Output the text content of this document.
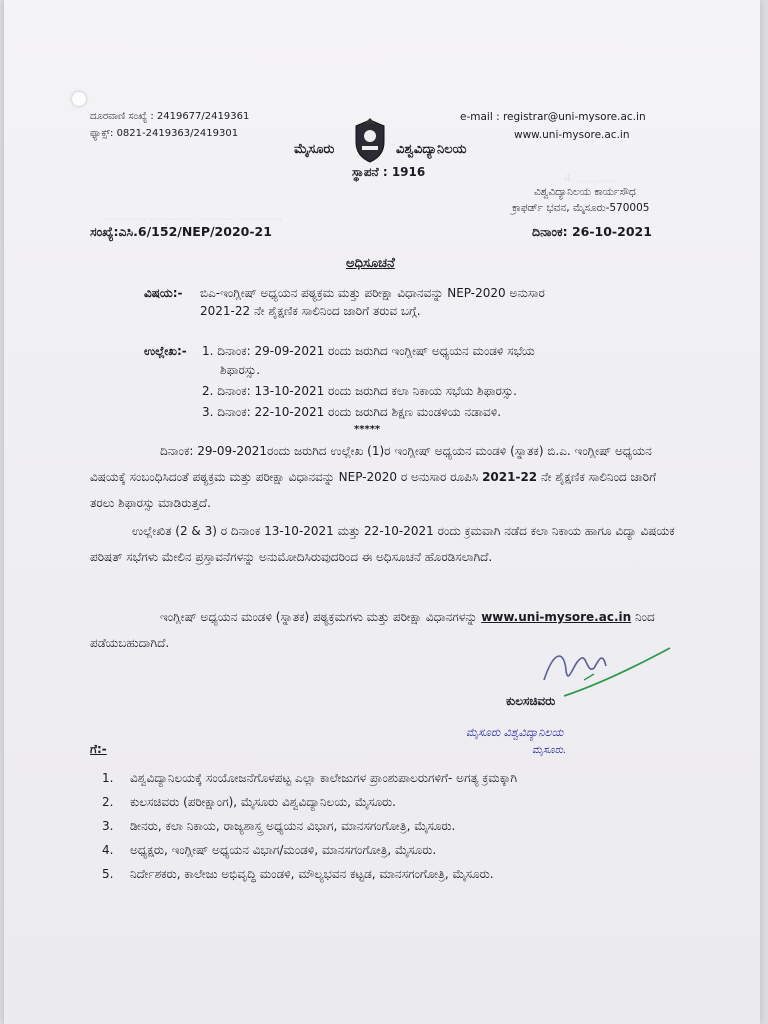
4. ............
............ ............ ............ ............
ದೂರವಾಣಿ ಸಂಖ್ಯೆ : 2419677/2419361
ಫ್ಯಾಕ್ಸ್: 0821-2419363/2419301
e-mail : registrar@uni-mysore.ac.in
www.uni-mysore.ac.in
ಮೈಸೂರು	ವಿಶ್ವವಿದ್ಯಾನಿಲಯ
ಸ್ಥಾಪನೆ : 1916
ವಿಶ್ವವಿದ್ಯಾನಿಲಯ ಕಾರ್ಯಸೌಧ
ಕ್ರಾಫರ್ಡ್ ಭವನ, ಮೈಸೂರು-570005
ಸಂಖ್ಯೆ:ಎಸಿ.6/152/NEP/2020-21	ದಿನಾಂಕ: 26-10-2021
ಅಧಿಸೂಚನೆ
ವಿಷಯ:- ಬಿಎ-ಇಂಗ್ಲೀಷ್ ಅಧ್ಯಯನ ಪಠ್ಯಕ್ರಮ ಮತ್ತು ಪರೀಕ್ಷಾ ವಿಧಾನವನ್ನು NEP-2020 ಅನುಸಾರ
2021-22 ನೇ ಶೈಕ್ಷಣಿಕ ಸಾಲಿನಿಂದ ಜಾರಿಗೆ ತರುವ ಬಗ್ಗೆ.
ಉಲ್ಲೇಖ:- 1. ದಿನಾಂಕ: 29-09-2021 ರಂದು ಜರುಗಿದ ಇಂಗ್ಲೀಷ್ ಅಧ್ಯಯನ ಮಂಡಳಿ ಸಭೆಯ
ಶಿಫಾರಸ್ಸು.
2. ದಿನಾಂಕ: 13-10-2021 ರಂದು ಜರುಗಿದ ಕಲಾ ನಿಕಾಯ ಸಭೆಯ ಶಿಫಾರಸ್ಸು.
3. ದಿನಾಂಕ: 22-10-2021 ರಂದು ಜರುಗಿದ ಶಿಕ್ಷಣ ಮಂಡಳಿಯ ನಡಾವಳಿ.
*****
ದಿನಾಂಕ: 29-09-2021ರಂದು ಜರುಗಿದ ಉಲ್ಲೇಖ (1)ರ ಇಂಗ್ಲೀಷ್ ಅಧ್ಯಯನ ಮಂಡಳಿ (ಸ್ನಾತಕ) ಬಿ.ಎ. ಇಂಗ್ಲೀಷ್ ಅಧ್ಯಯನ ವಿಷಯಕ್ಕೆ ಸಂಬಂಧಿಸಿದಂತೆ ಪಠ್ಯಕ್ರಮ ಮತ್ತು ಪರೀಕ್ಷಾ ವಿಧಾನವನ್ನು NEP-2020 ರ ಅನುಸಾರ ರೂಪಿಸಿ 2021-22 ನೇ ಶೈಕ್ಷಣಿಕ ಸಾಲಿನಿಂದ ಜಾರಿಗೆ ತರಲು ಶಿಫಾರಸ್ಸು ಮಾಡಿರುತ್ತದೆ.
ಉಲ್ಲೇಖಿತ (2 & 3) ರ ದಿನಾಂಕ 13-10-2021 ಮತ್ತು 22-10-2021 ರಂದು ಕ್ರಮವಾಗಿ ನಡೆದ ಕಲಾ ನಿಕಾಯ ಹಾಗೂ ವಿದ್ಯಾ ವಿಷಯಕ ಪರಿಷತ್ ಸಭೆಗಳು ಮೇಲಿನ ಪ್ರಸ್ತಾವನೆಗಳನ್ನು ಅನುಮೋದಿಸಿರುವುದರಿಂದ ಈ ಅಧಿಸೂಚನೆ ಹೊರಡಿಸಲಾಗಿದೆ.
ಇಂಗ್ಲೀಷ್ ಅಧ್ಯಯನ ಮಂಡಳಿ (ಸ್ನಾತಕ) ಪಠ್ಯಕ್ರಮಗಳು ಮತ್ತು ಪರೀಕ್ಷಾ ವಿಧಾನಗಳನ್ನು www.uni-mysore.ac.in ನಿಂದ ಪಡೆಯಬಹುದಾಗಿದೆ.
ಕುಲಸಚಿವರು
ಮೈಸೂರು ವಿಶ್ವವಿದ್ಯಾನಿಲಯ
ಮೈಸೂರು.
ಗೆ:-
1. ವಿಶ್ವವಿದ್ಯಾನಿಲಯಕ್ಕೆ ಸಂಯೋಜನೆಗೊಳಪಟ್ಟ ಎಲ್ಲಾ ಕಾಲೇಜುಗಳ ಪ್ರಾಂಶುಪಾಲರುಗಳಿಗೆ- ಅಗತ್ಯ ಕ್ರಮಕ್ಕಾಗಿ
2. ಕುಲಸಚಿವರು (ಪರೀಕ್ಷಾಂಗ), ಮೈಸೂರು ವಿಶ್ವವಿದ್ಯಾನಿಲಯ, ಮೈಸೂರು.
3. ಡೀನರು, ಕಲಾ ನಿಕಾಯ, ರಾಜ್ಯಶಾಸ್ತ್ರ ಅಧ್ಯಯನ ವಿಭಾಗ, ಮಾನಸಗಂಗೋತ್ರಿ, ಮೈಸೂರು.
4. ಅಧ್ಯಕ್ಷರು, ಇಂಗ್ಲೀಷ್ ಅಧ್ಯಯನ ವಿಭಾಗ/ಮಂಡಳಿ, ಮಾನಸಗಂಗೋತ್ರಿ, ಮೈಸೂರು.
5. ನಿರ್ದೇಶಕರು, ಕಾಲೇಜು ಅಭಿವೃದ್ಧಿ ಮಂಡಳಿ, ಮೌಲ್ಯಭವನ ಕಟ್ಟಡ, ಮಾನಸಗಂಗೋತ್ರಿ, ಮೈಸೂರು.
